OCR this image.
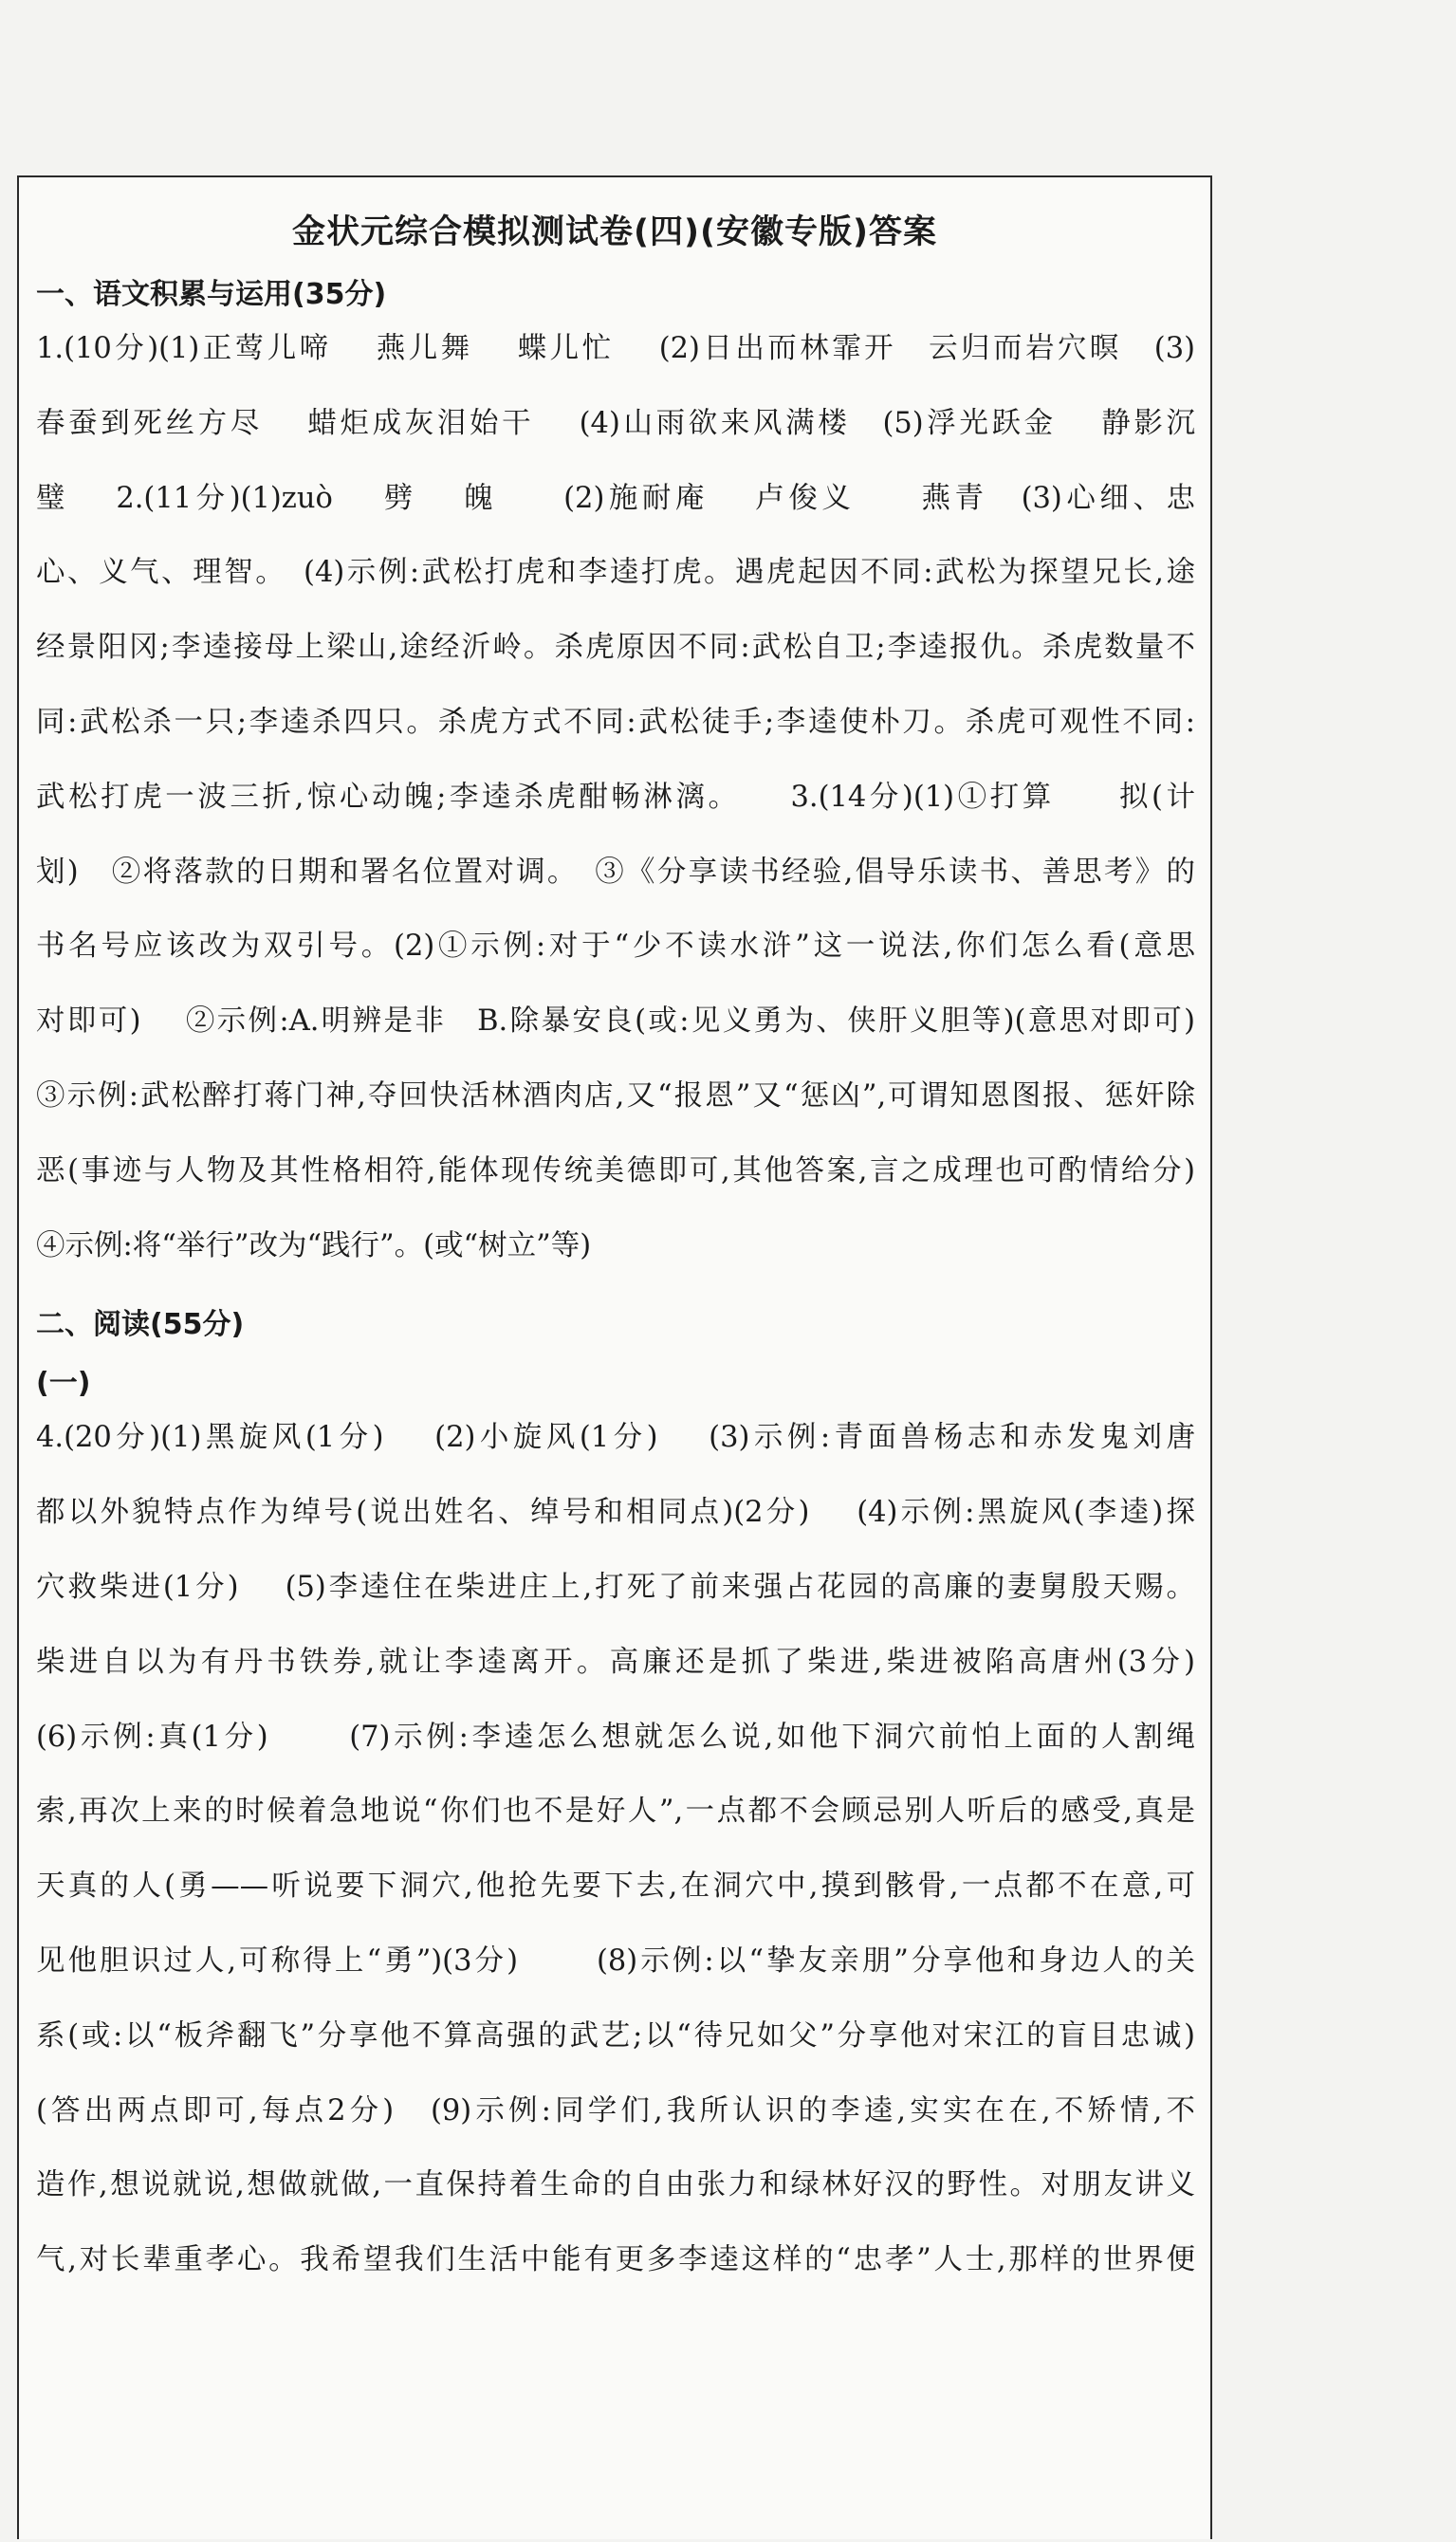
金状元综合模拟测试卷(四)(安徽专版)答案
一、语文积累与运用(35分)
1.(10分)(1)正莺儿啼　 燕儿舞　 蝶儿忙　 (2)日出而林霏开　云归而岩穴暝　(3)
春蚕到死丝方尽　 蜡炬成灰泪始干　 (4)山雨欲来风满楼　(5)浮光跃金　 静影沉
璧　 2.(11分)(1)zuò　 劈　 魄　　(2)施耐庵　 卢俊义　　燕青　(3)心细、忠
心、义气、理智。　(4)示例:武松打虎和李逵打虎。遇虎起因不同:武松为探望兄长,途
经景阳冈;李逵接母上梁山,途经沂岭。杀虎原因不同:武松自卫;李逵报仇。杀虎数量不
同:武松杀一只;李逵杀四只。杀虎方式不同:武松徒手;李逵使朴刀。杀虎可观性不同:
武松打虎一波三折,惊心动魄;李逵杀虎酣畅淋漓。　　3.(14分)(1)①打算　　拟(计
划)　②将落款的日期和署名位置对调。　③《分享读书经验,倡导乐读书、善思考》的
书名号应该改为双引号。(2)①示例:对于“少不读水浒”这一说法,你们怎么看(意思
对即可)　 ②示例:A.明辨是非　B.除暴安良(或:见义勇为、侠肝义胆等)(意思对即可)
③示例:武松醉打蒋门神,夺回快活林酒肉店,又“报恩”又“惩凶”,可谓知恩图报、惩奸除
恶(事迹与人物及其性格相符,能体现传统美德即可,其他答案,言之成理也可酌情给分)
④示例:将“举行”改为“践行”。(或“树立”等)
二、阅读(55分)
(一)
4.(20分)(1)黑旋风(1分)　 (2)小旋风(1分)　 (3)示例:青面兽杨志和赤发鬼刘唐
都以外貌特点作为绰号(说出姓名、绰号和相同点)(2分)　 (4)示例:黑旋风(李逵)探
穴救柴进(1分)　 (5)李逵住在柴进庄上,打死了前来强占花园的高廉的妻舅殷天赐。
柴进自以为有丹书铁券,就让李逵离开。高廉还是抓了柴进,柴进被陷高唐州(3分)
(6)示例:真(1分)　　 (7)示例:李逵怎么想就怎么说,如他下洞穴前怕上面的人割绳
索,再次上来的时候着急地说“你们也不是好人”,一点都不会顾忌别人听后的感受,真是
天真的人(勇——听说要下洞穴,他抢先要下去,在洞穴中,摸到骸骨,一点都不在意,可
见他胆识过人,可称得上“勇”)(3分)　　 (8)示例:以“挚友亲朋”分享他和身边人的关
系(或:以“板斧翻飞”分享他不算高强的武艺;以“待兄如父”分享他对宋江的盲目忠诚)
(答出两点即可,每点2分)　(9)示例:同学们,我所认识的李逵,实实在在,不矫情,不
造作,想说就说,想做就做,一直保持着生命的自由张力和绿林好汉的野性。对朋友讲义
气,对长辈重孝心。我希望我们生活中能有更多李逵这样的“忠孝”人士,那样的世界便
